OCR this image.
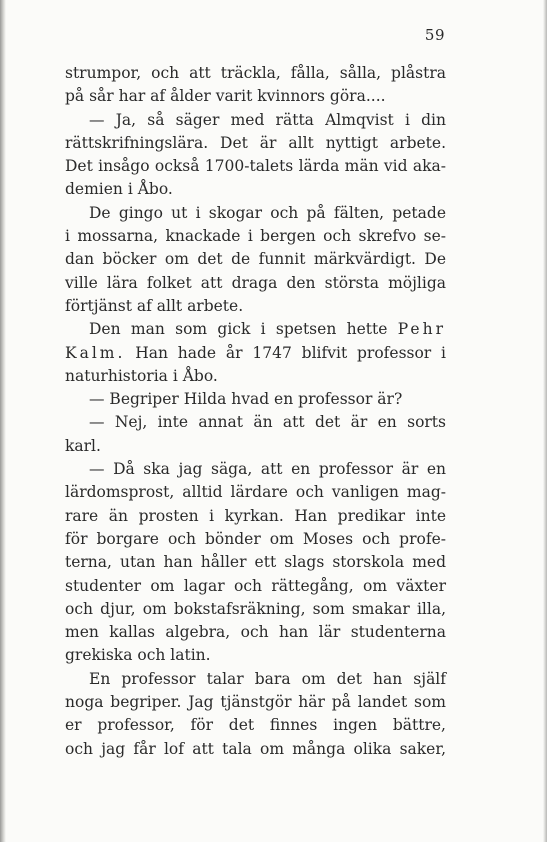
59
strumpor, och att träckla, fålla, sålla, plåstra
på sår har af ålder varit kvinnors göra....
— Ja, så säger med rätta Almqvist i din
rättskrifningslära. Det är allt nyttigt arbete.
Det insågo också 1700-talets lärda män vid aka-
demien i Åbo.
De gingo ut i skogar och på fälten, petade
i mossarna, knackade i bergen och skrefvo se-
dan böcker om det de funnit märkvärdigt. De
ville lära folket att draga den största möjliga
förtjänst af allt arbete.
Den man som gick i spetsen hette Pehr
Kalm. Han hade år 1747 blifvit professor i
naturhistoria i Åbo.
— Begriper Hilda hvad en professor är?
— Nej, inte annat än att det är en sorts
karl.
— Då ska jag säga, att en professor är en
lärdomsprost, alltid lärdare och vanligen mag-
rare än prosten i kyrkan. Han predikar inte
för borgare och bönder om Moses och profe-
terna, utan han håller ett slags storskola med
studenter om lagar och rättegång, om växter
och djur, om bokstafsräkning, som smakar illa,
men kallas algebra, och han lär studenterna
grekiska och latin.
En professor talar bara om det han själf
noga begriper. Jag tjänstgör här på landet som
er professor, för det finnes ingen bättre,
och jag får lof att tala om många olika saker,
